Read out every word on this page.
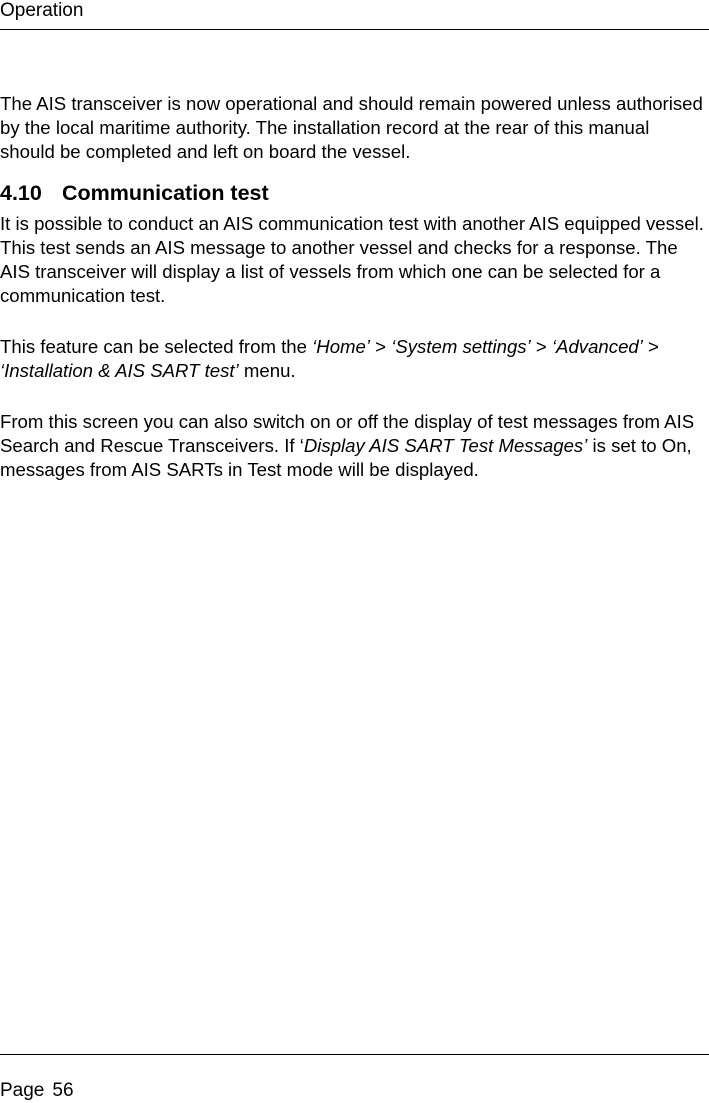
Operation

The AIS transceiver is now operational and should remain powered unless authorised by the local maritime authority. The installation record at the rear of this manual should be completed and left on board the vessel.

4.10 Communication test

It is possible to conduct an AIS communication test with another AIS equipped vessel. This test sends an AIS message to another vessel and checks for a response. The AIS transceiver will display a list of vessels from which one can be selected for a communication test.

This feature can be selected from the ‘Home’ > ‘System settings’ > ‘Advanced’ > ‘Installation & AIS SART test’ menu.

From this screen you can also switch on or off the display of test messages from AIS Search and Rescue Transceivers. If ‘Display AIS SART Test Messages’ is set to On, messages from AIS SARTs in Test mode will be displayed.

Page 56
